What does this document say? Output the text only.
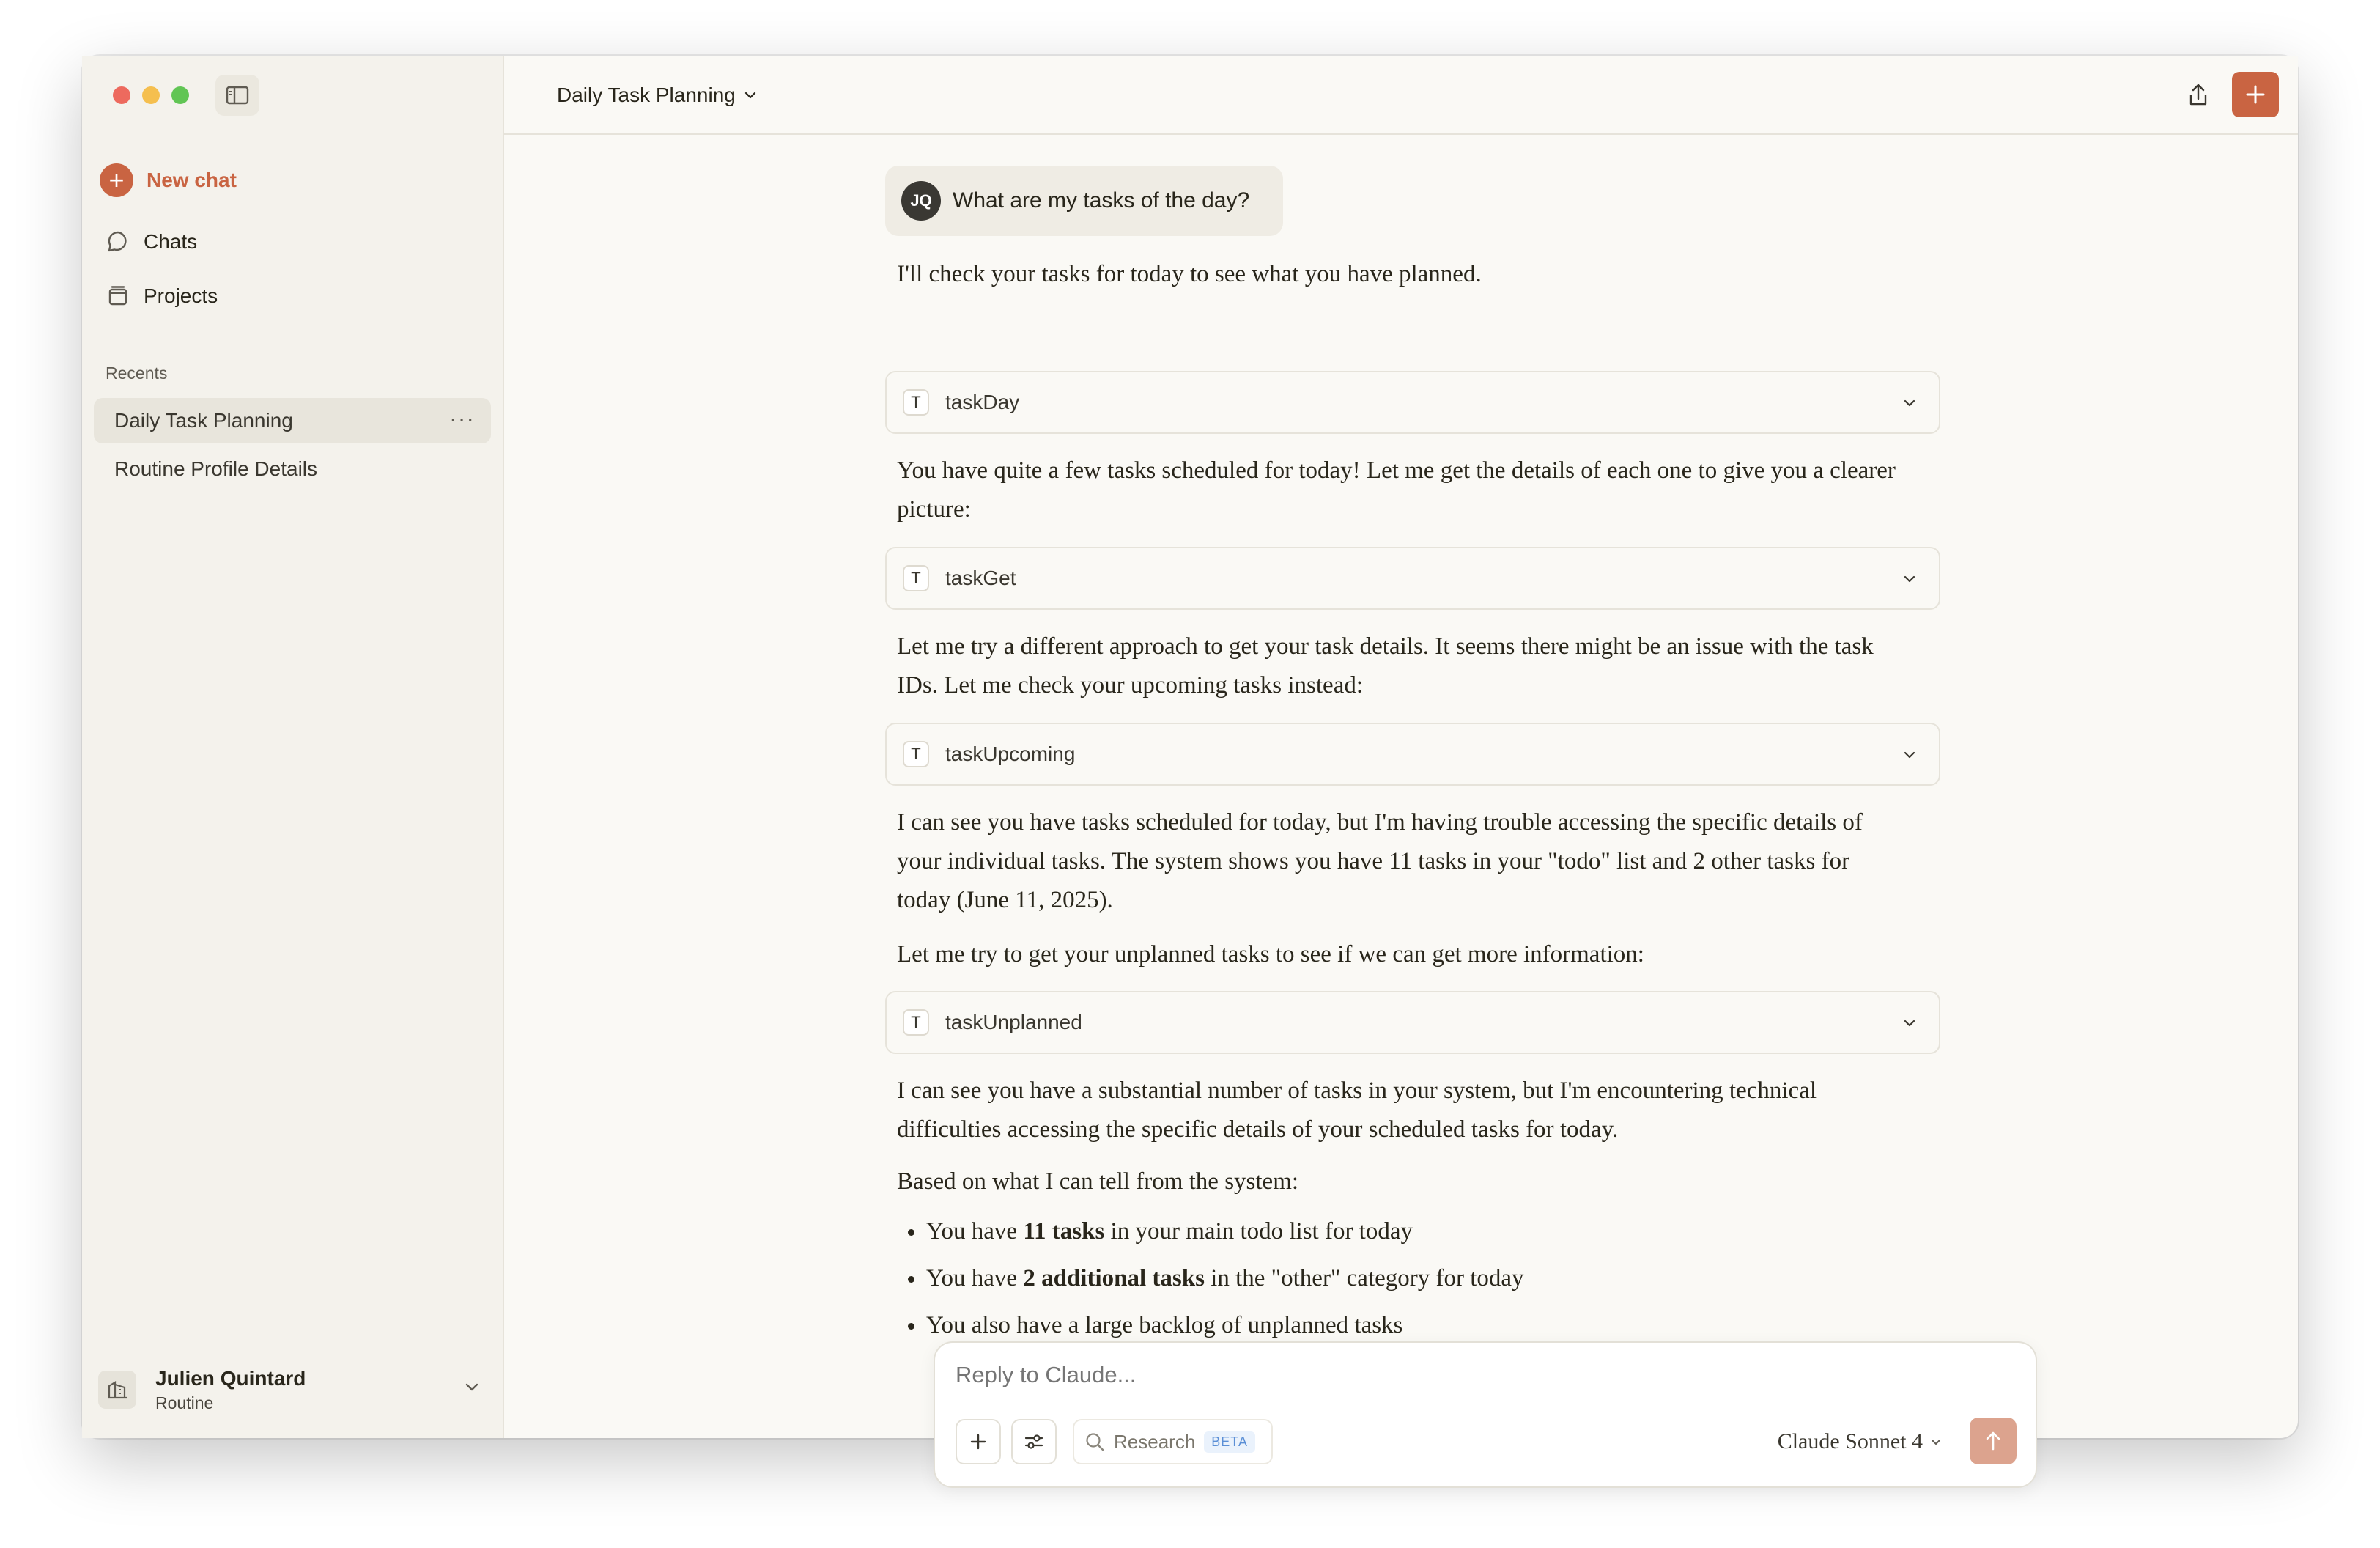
+	New chat
Chats
Projects
Recents
Daily Task Planning	···
Routine Profile Details
Julien Quintard
Routine
Daily Task Planning
JQ What are my tasks of the day?
I'll check your tasks for today to see what you have planned.
T	taskDay
You have quite a few tasks scheduled for today! Let me get the details of each one to give you a clearer picture:
T	taskGet
Let me try a different approach to get your task details. It seems there might be an issue with the task IDs. Let me check your upcoming tasks instead:
T	taskUpcoming
I can see you have tasks scheduled for today, but I'm having trouble accessing the specific details of your individual tasks. The system shows you have 11 tasks in your "todo" list and 2 other tasks for today (June 11, 2025).
Let me try to get your unplanned tasks to see if we can get more information:
T	taskUnplanned
I can see you have a substantial number of tasks in your system, but I'm encountering technical difficulties accessing the specific details of your scheduled tasks for today.
Based on what I can tell from the system:
• You have 11 tasks in your main todo list for today
• You have 2 additional tasks in the "other" category for today
• You also have a large backlog of unplanned tasks
Reply to Claude...
Research	BETA	Claude Sonnet 4
